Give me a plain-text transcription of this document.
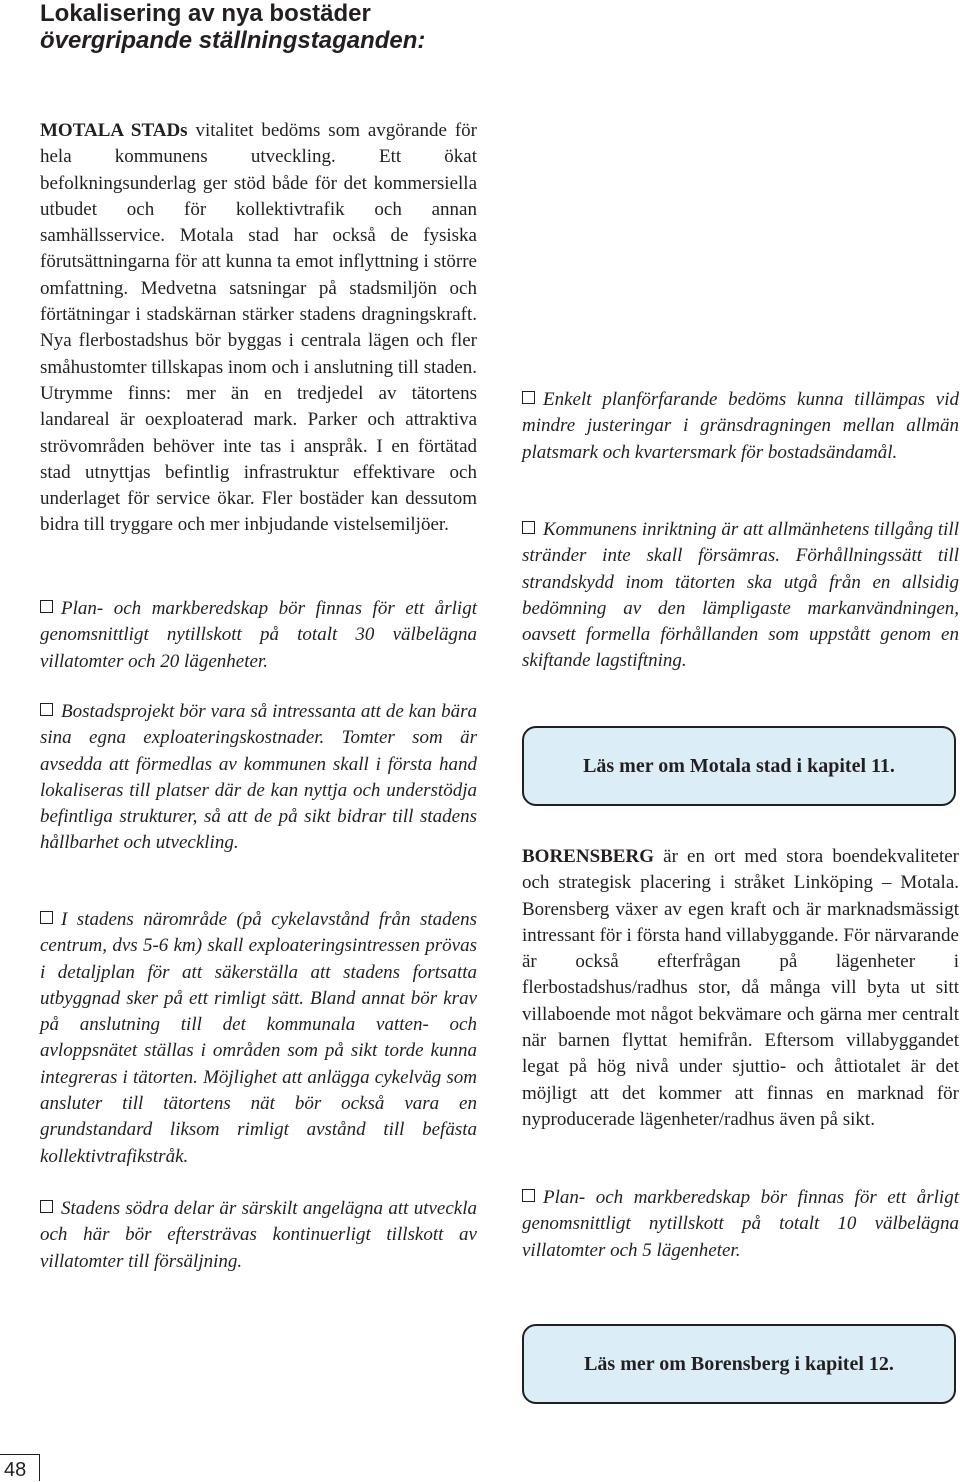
Lokalisering av nya bostäder
övergripande ställningstaganden:

MOTALA STADs vitalitet bedöms som avgörande för hela kommunens utveckling. Ett ökat befolkningsunderlag ger stöd både för det kommersiella utbudet och för kollektivtrafik och annan samhällsservice. Motala stad har också de fysiska förutsättningarna för att kunna ta emot inflyttning i större omfattning. Medvetna satsningar på stadsmiljön och förtätningar i stadskärnan stärker stadens dragningskraft. Nya flerbostadshus bör byggas i centrala lägen och fler småhustomter tillskapas inom och i anslutning till staden. Utrymme finns: mer än en tredjedel av tätortens landareal är oexploaterad mark. Parker och attraktiva strövområden behöver inte tas i anspråk. I en förtätad stad utnyttjas befintlig infrastruktur effektivare och underlaget för service ökar. Fler bostäder kan dessutom bidra till tryggare och mer inbjudande vistelsemiljöer.

Plan- och markberedskap bör finnas för ett årligt genomsnittligt nytillskott på totalt 30 välbelägna villatomter och 20 lägenheter.

Bostadsprojekt bör vara så intressanta att de kan bära sina egna exploateringskostnader. Tomter som är avsedda att förmedlas av kommunen skall i första hand lokaliseras till platser där de kan nyttja och understödja befintliga strukturer, så att de på sikt bidrar till stadens hållbarhet och utveckling.

I stadens närområde (på cykelavstånd från stadens centrum, dvs 5-6 km) skall exploateringsintressen prövas i detaljplan för att säkerställa att stadens fortsatta utbyggnad sker på ett rimligt sätt. Bland annat bör krav på anslutning till det kommunala vatten- och avloppsnätet ställas i områden som på sikt torde kunna integreras i tätorten. Möjlighet att anlägga cykelväg som ansluter till tätortens nät bör också vara en grundstandard liksom rimligt avstånd till befästa kollektivtrafikstråk.

Stadens södra delar är särskilt angelägna att utveckla och här bör eftersträvas kontinuerligt tillskott av villatomter till försäljning.

Enkelt planförfarande bedöms kunna tillämpas vid mindre justeringar i gränsdragningen mellan allmän platsmark och kvartersmark för bostadsändamål.

Kommunens inriktning är att allmänhetens tillgång till stränder inte skall försämras. Förhållningssätt till strandskydd inom tätorten ska utgå från en allsidig bedömning av den lämpligaste markanvändningen, oavsett formella förhållanden som uppstått genom en skiftande lagstiftning.

Läs mer om Motala stad i kapitel 11.

BORENSBERG är en ort med stora boendekvaliteter och strategisk placering i stråket Linköping – Motala. Borensberg växer av egen kraft och är marknadsmässigt intressant för i första hand villabyggande. För närvarande är också efterfrågan på lägenheter i flerbostadshus/radhus stor, då många vill byta ut sitt villaboende mot något bekvämare och gärna mer centralt när barnen flyttat hemifrån. Eftersom villabyggandet legat på hög nivå under sjuttio- och åttiotalet är det möjligt att det kommer att finnas en marknad för nyproducerade lägenheter/radhus även på sikt.

Plan- och markberedskap bör finnas för ett årligt genomsnittligt nytillskott på totalt 10 välbelägna villatomter och 5 lägenheter.

Läs mer om Borensberg i kapitel 12.
48
